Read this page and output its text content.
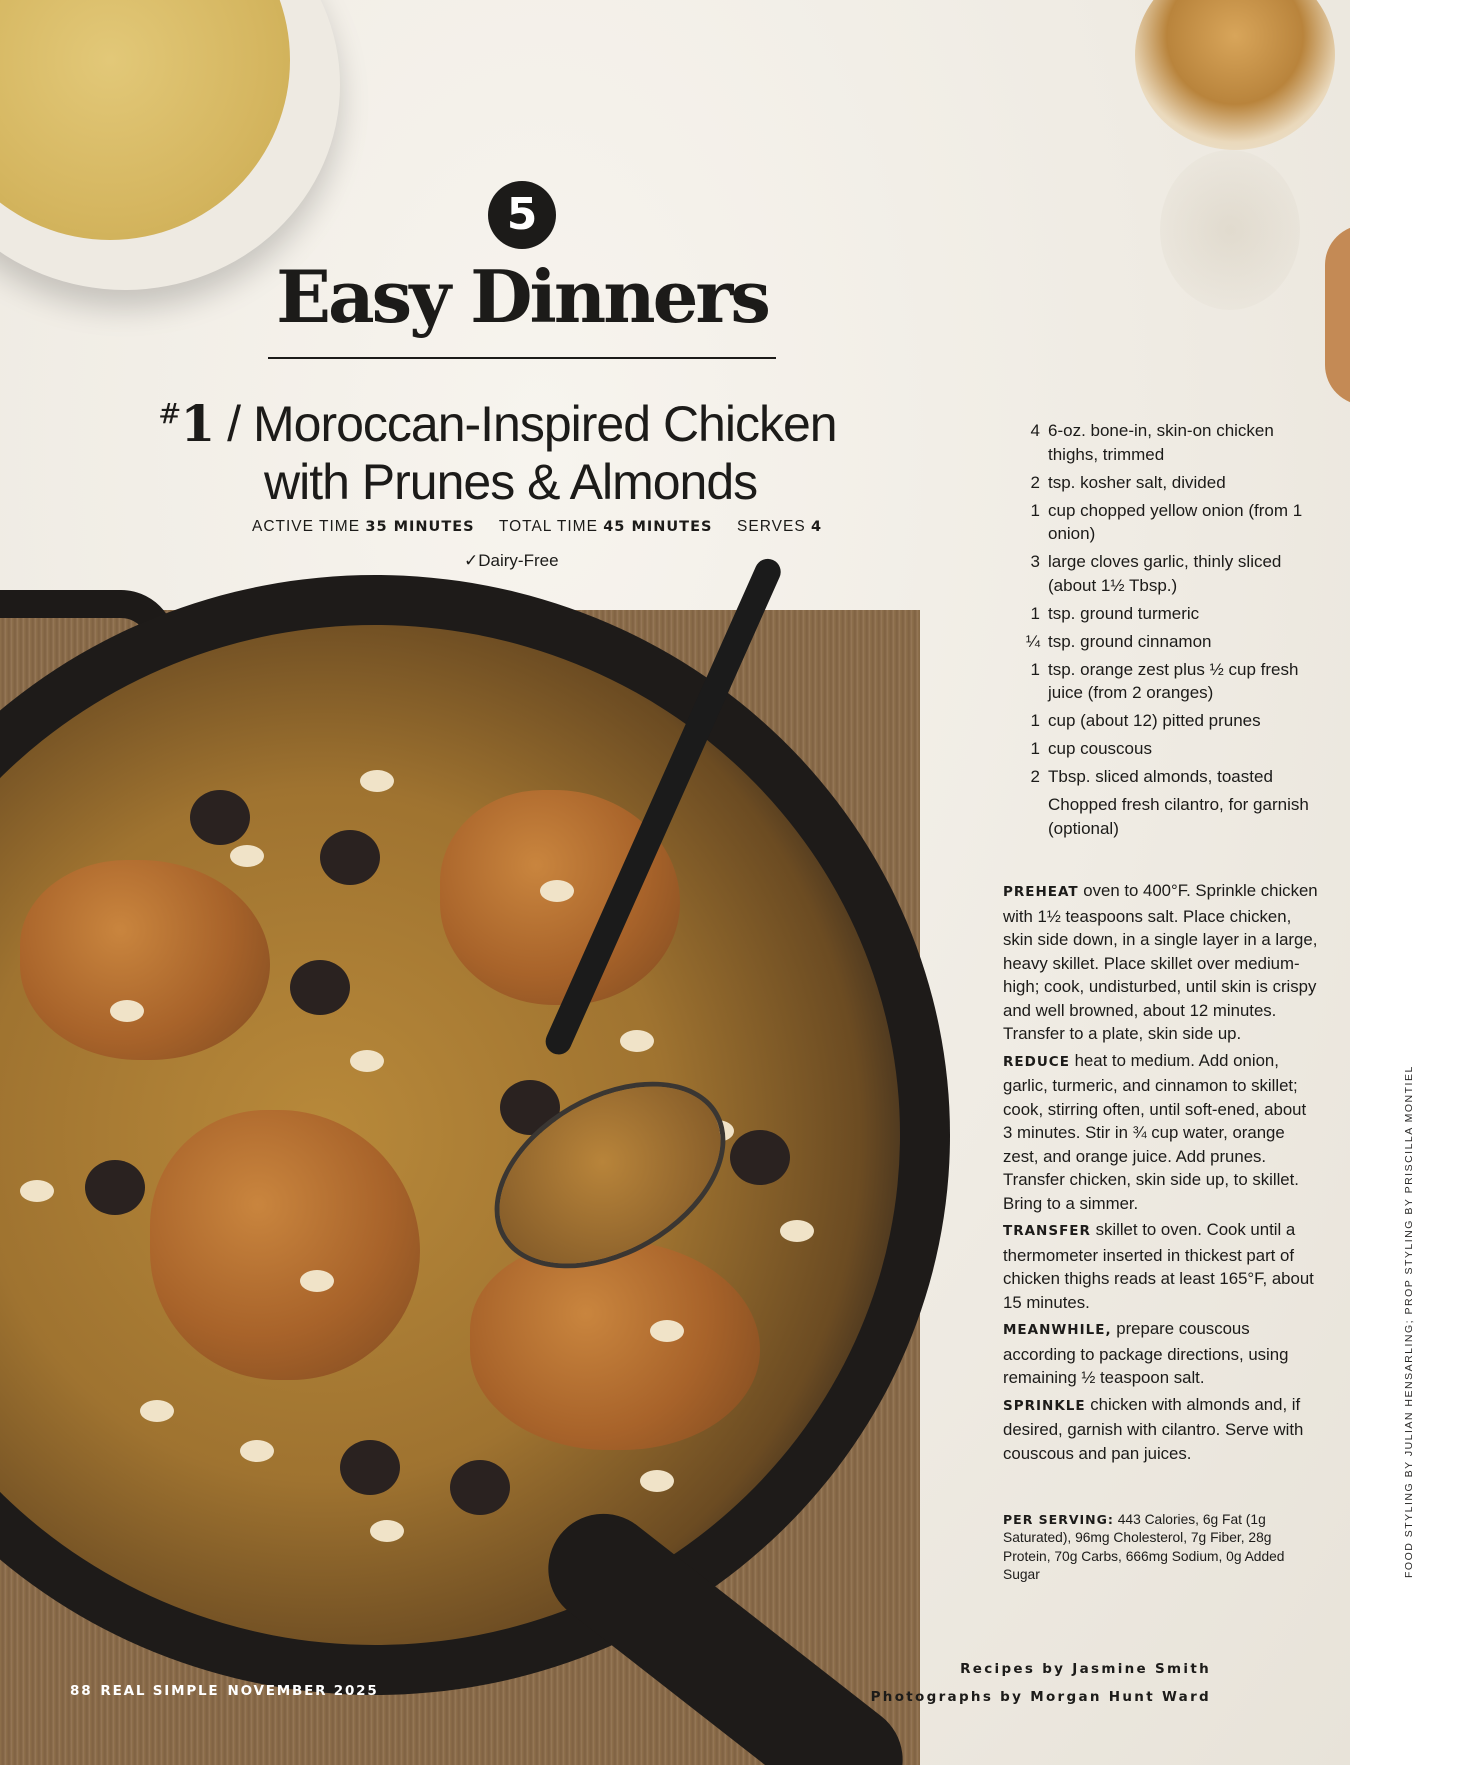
5
Easy Dinners
#1 / Moroccan-Inspired Chicken
with Prunes & Almonds
ACTIVE TIME 35 MINUTES TOTAL TIME 45 MINUTES SERVES 4
✓Dairy-Free
4 6-oz. bone-in, skin-on chicken thighs, trimmed
2 tsp. kosher salt, divided
1 cup chopped yellow onion (from 1 onion)
3 large cloves garlic, thinly sliced (about 1½ Tbsp.)
1 tsp. ground turmeric
¼ tsp. ground cinnamon
1 tsp. orange zest plus ½ cup fresh juice (from 2 oranges)
1 cup (about 12) pitted prunes
1 cup couscous
2 Tbsp. sliced almonds, toasted
Chopped fresh cilantro, for garnish (optional)

PREHEAT oven to 400°F. Sprinkle chicken with 1½ teaspoons salt. Place chicken, skin side down, in a single layer in a large, heavy skillet. Place skillet over medium-high; cook, undisturbed, until skin is crispy and well browned, about 12 minutes. Transfer to a plate, skin side up.

REDUCE heat to medium. Add onion, garlic, turmeric, and cinnamon to skillet; cook, stirring often, until soft-ened, about 3 minutes. Stir in ¾ cup water, orange zest, and orange juice. Add prunes. Transfer chicken, skin side up, to skillet. Bring to a simmer.

TRANSFER skillet to oven. Cook until a thermometer inserted in thickest part of chicken thighs reads at least 165°F, about 15 minutes.

MEANWHILE, prepare couscous according to package directions, using remaining ½ teaspoon salt.

SPRINKLE chicken with almonds and, if desired, garnish with cilantro. Serve with couscous and pan juices.

PER SERVING: 443 Calories, 6g Fat (1g Saturated), 96mg Cholesterol, 7g Fiber, 28g Protein, 70g Carbs, 666mg Sodium, 0g Added Sugar

Recipes by Jasmine Smith
Photographs by Morgan Hunt Ward
88 REAL SIMPLE NOVEMBER 2025
FOOD STYLING BY JULIAN HENSARLING; PROP STYLING BY PRISCILLA MONTIEL
